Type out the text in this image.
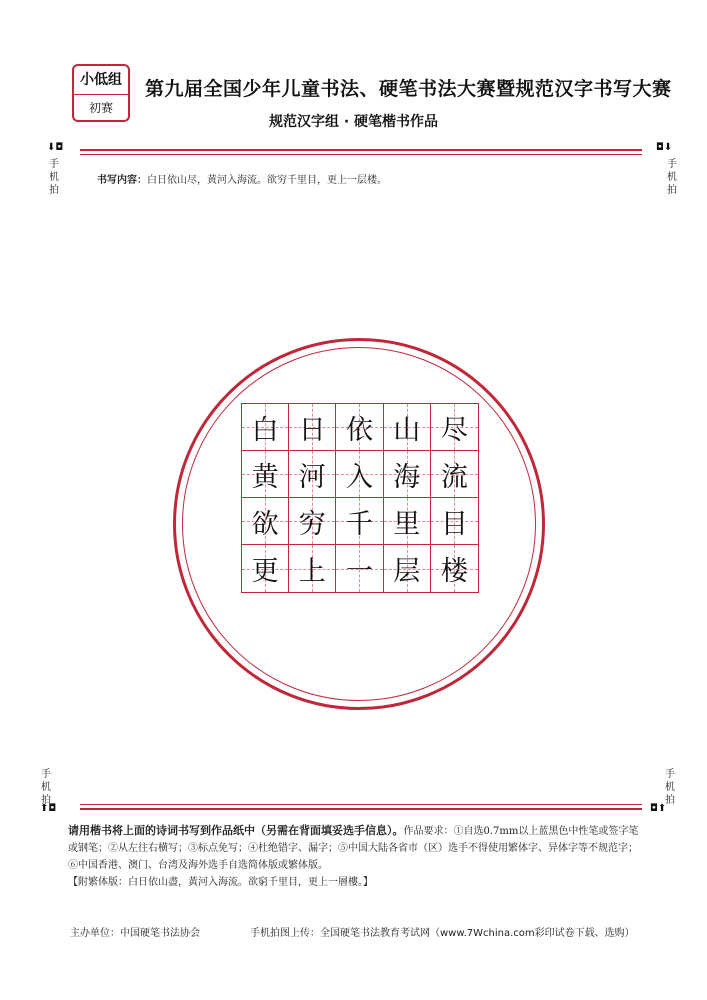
小低组
初赛
第九届全国少年儿童书法、硬笔书法大赛暨规范汉字书写大赛
规范汉字组 · 硬笔楷书作品
⬇◘
手
机
拍
◘⬇
手
机
拍
书写内容：白日依山尽，黄河入海流。欲穷千里目，更上一层楼。
白 日 依 山 尽
黄 河 入 海 流
欲 穷 千 里 目
更 上 一 层 楼
手
机
拍
⬆◘
手
机
拍
◘⬆
请用楷书将上面的诗词书写到作品纸中（另需在背面填妥选手信息）。作品要求：①自选0.7mm以上蓝黑色中性笔或签字笔或钢笔；②从左往右横写；③标点免写；④杜绝错字、漏字；⑤中国大陆各省市（区）选手不得使用繁体字、异体字等不规范字；⑥中国香港、澳门、台湾及海外选手自选简体版或繁体版。
【附繁体版：白日依山盡，黃河入海流。欲窮千里目，更上一層樓。】
主办单位：中国硬笔书法协会	手机拍图上传：全国硬笔书法教育考试网（www.7Wchina.com彩印试卷下载、选购）
